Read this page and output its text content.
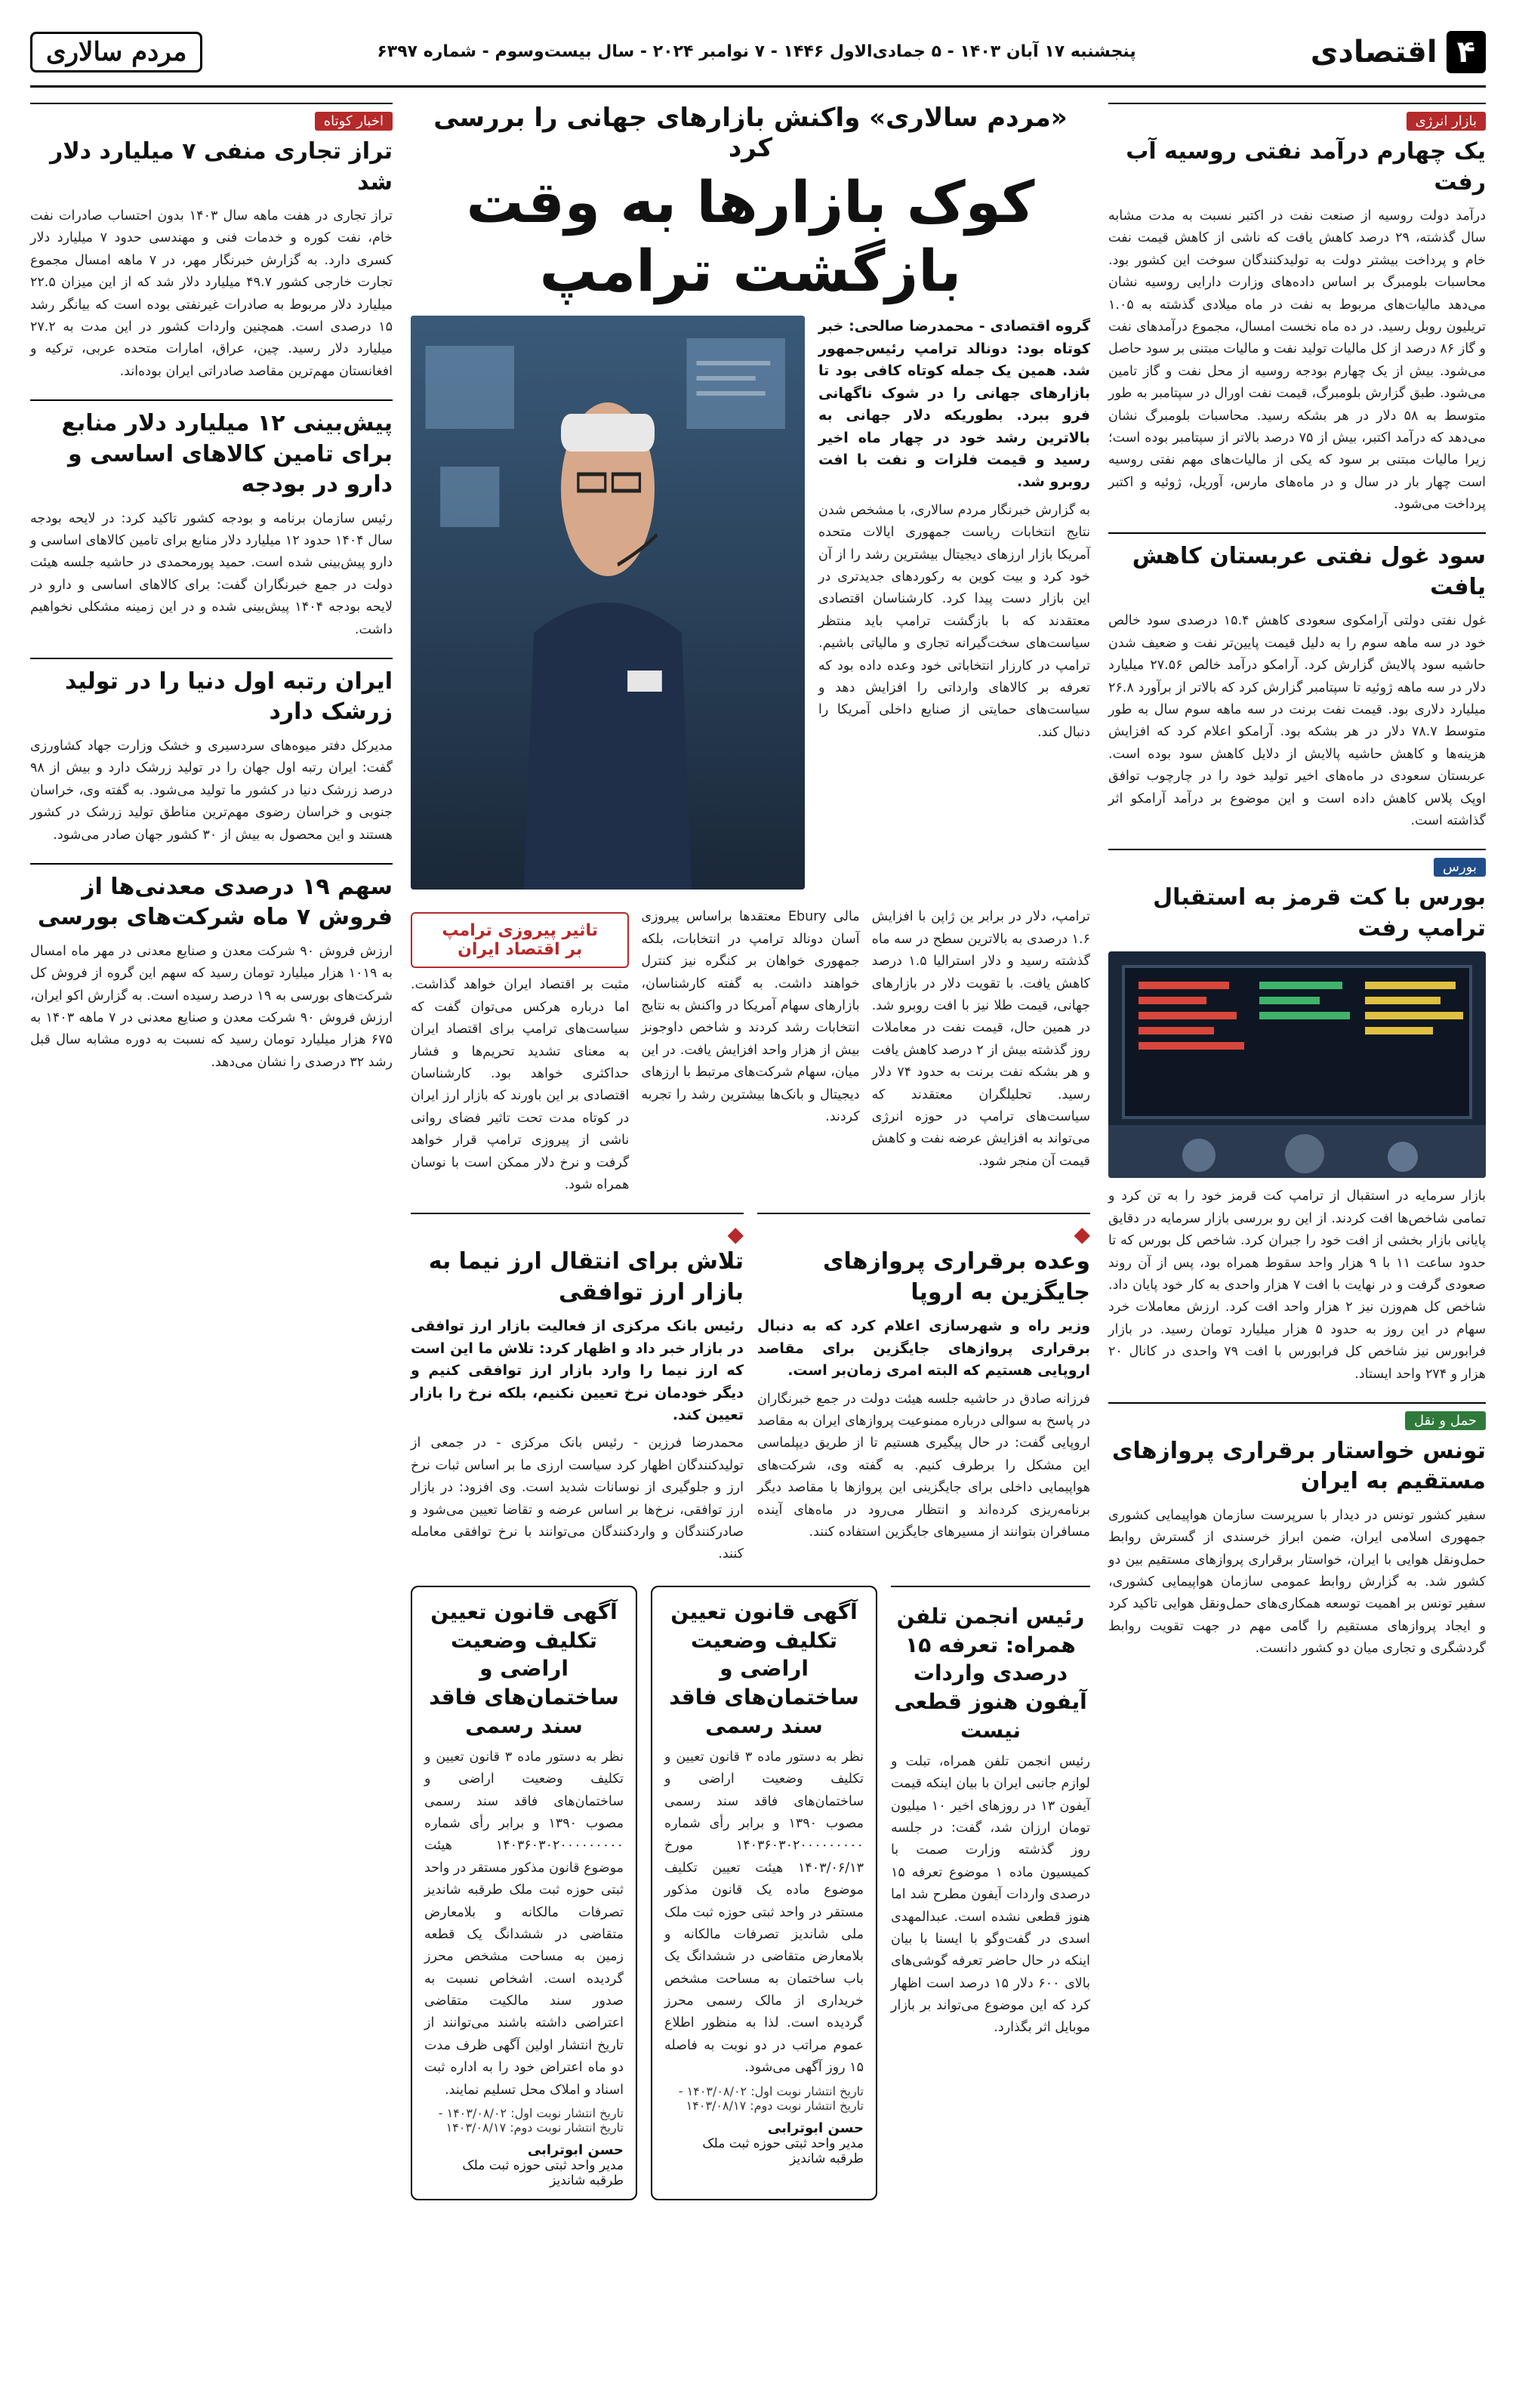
۴
اقتصادی
پنجشنبه ۱۷ آبان ۱۴۰۳ - ۵ جمادی‌الاول ۱۴۴۶ - ۷ نوامبر ۲۰۲۴ - سال بیست‌وسوم - شماره ۶۳۹۷
مردم سالاری
بازار انرژی
یک چهارم درآمد نفتی روسیه آب رفت

درآمد دولت روسیه از صنعت نفت در اکتبر نسبت به مدت مشابه سال گذشته، ۲۹ درصد کاهش یافت که ناشی از کاهش قیمت نفت خام و پرداخت بیشتر دولت به تولیدکنندگان سوخت این کشور بود. محاسبات بلومبرگ بر اساس داده‌های وزارت دارایی روسیه نشان می‌دهد مالیات‌های مربوط به نفت در ماه میلادی گذشته به ۱.۰۵ تریلیون روبل رسید. در ده ماه نخست امسال، مجموع درآمدهای نفت و گاز ۸۶ درصد از کل مالیات تولید نفت و مالیات مبتنی بر سود حاصل می‌شود. بیش از یک چهارم بودجه روسیه از محل نفت و گاز تامین می‌شود. طبق گزارش بلومبرگ، قیمت نفت اورال در سپتامبر به طور متوسط به ۵۸ دلار در هر بشکه رسید. محاسبات بلومبرگ نشان می‌دهد که درآمد اکتبر، بیش از ۷۵ درصد بالاتر از سپتامبر بوده است؛ زیرا مالیات مبتنی بر سود که یکی از مالیات‌های مهم نفتی روسیه است چهار بار در سال و در ماه‌های مارس، آوریل، ژوئیه و اکتبر پرداخت می‌شود.

سود غول نفتی عربستان کاهش یافت

غول نفتی دولتی آرامکوی سعودی کاهش ۱۵.۴ درصدی سود خالص خود در سه ماهه سوم را به دلیل قیمت پایین‌تر نفت و ضعیف شدن حاشیه سود پالایش گزارش کرد. آرامکو درآمد خالص ۲۷.۵۶ میلیارد دلار در سه ماهه ژوئیه تا سپتامبر گزارش کرد که بالاتر از برآورد ۲۶.۸ میلیارد دلاری بود. قیمت نفت برنت در سه ماهه سوم سال به طور متوسط ۷۸.۷ دلار در هر بشکه بود. آرامکو اعلام کرد که افزایش هزینه‌ها و کاهش حاشیه پالایش از دلایل کاهش سود بوده است. عربستان سعودی در ماه‌های اخیر تولید خود را در چارچوب توافق اوپک پلاس کاهش داده است و این موضوع بر درآمد آرامکو اثر گذاشته است.

بورس
بورس با کت قرمز به استقبال ترامپ رفت

بازار سرمایه در استقبال از ترامپ کت قرمز خود را به تن کرد و تمامی شاخص‌ها افت کردند. از این رو بررسی بازار سرمایه در دقایق پایانی بازار بخشی از افت خود را جبران کرد. شاخص کل بورس که تا حدود ساعت ۱۱ با ۹ هزار واحد سقوط همراه بود، پس از آن روند صعودی گرفت و در نهایت با افت ۷ هزار واحدی به کار خود پایان داد. شاخص کل هم‌وزن نیز ۲ هزار واحد افت کرد. ارزش معاملات خرد سهام در این روز به حدود ۵ هزار میلیارد تومان رسید. در بازار فرابورس نیز شاخص کل فرابورس با افت ۷۹ واحدی در کانال ۲۰ هزار و ۲۷۴ واحد ایستاد.

حمل و نقل
تونس خواستار برقراری پروازهای مستقیم به ایران

سفیر کشور تونس در دیدار با سرپرست سازمان هواپیمایی کشوری جمهوری اسلامی ایران، ضمن ابراز خرسندی از گسترش روابط حمل‌ونقل هوایی با ایران، خواستار برقراری پروازهای مستقیم بین دو کشور شد. به گزارش روابط عمومی سازمان هواپیمایی کشوری، سفیر تونس بر اهمیت توسعه همکاری‌های حمل‌ونقل هوایی تاکید کرد و ایجاد پروازهای مستقیم را گامی مهم در جهت تقویت روابط گردشگری و تجاری میان دو کشور دانست.

«مردم سالاری» واکنش بازارهای جهانی را بررسی کرد
کوک بازارها به وقت بازگشت ترامپ

گروه اقتصادی - محمدرضا صالحی: خبر کوتاه بود: دونالد ترامپ رئیس‌جمهور شد. همین یک جمله کوتاه کافی بود تا بازارهای جهانی را در شوک ناگهانی فرو ببرد. بطوریکه دلار جهانی به بالاترین رشد خود در چهار ماه اخیر رسید و قیمت فلزات و نفت با افت روبرو شد.

به گزارش خبرنگار مردم سالاری، با مشخص شدن نتایج انتخابات ریاست جمهوری ایالات متحده آمریکا بازار ارزهای دیجیتال بیشترین رشد را از آن خود کرد و بیت کوین به رکوردهای جدیدتری در این بازار دست پیدا کرد. کارشناسان اقتصادی معتقدند که با بازگشت ترامپ باید منتظر سیاست‌های سخت‌گیرانه تجاری و مالیاتی باشیم. ترامپ در کارزار انتخاباتی خود وعده داده بود که تعرفه بر کالاهای وارداتی را افزایش دهد و سیاست‌های حمایتی از صنایع داخلی آمریکا را دنبال کند.

ترامپ، دلار در برابر ین ژاپن با افزایش ۱.۶ درصدی به بالاترین سطح در سه ماه گذشته رسید و دلار استرالیا ۱.۵ درصد کاهش یافت. با تقویت دلار در بازارهای جهانی، قیمت طلا نیز با افت روبرو شد. در همین حال، قیمت نفت در معاملات روز گذشته بیش از ۲ درصد کاهش یافت و هر بشکه نفت برنت به حدود ۷۴ دلار رسید. تحلیلگران معتقدند که سیاست‌های ترامپ در حوزه انرژی می‌تواند به افزایش عرضه نفت و کاهش قیمت آن منجر شود.

مالی Ebury معتقد‌ها براساس پیروزی آسان دونالد ترامپ در انتخابات، بلکه جمهوری خواهان بر کنگره نیز کنترل خواهند داشت. به گفته کارشناسان، بازارهای سهام آمریکا در واکنش به نتایج انتخابات رشد کردند و شاخص داوجونز بیش از هزار واحد افزایش یافت. در این میان، سهام شرکت‌های مرتبط با ارزهای دیجیتال و بانک‌ها بیشترین رشد را تجربه کردند.

تاثیر پیروزی ترامپ
بر اقتصاد ایران

مثبت بر اقتصاد ایران خواهد گذاشت. اما درباره هرکس می‌توان گفت که سیاست‌های ترامپ برای اقتصاد ایران به معنای تشدید تحریم‌ها و فشار حداکثری خواهد بود. کارشناسان اقتصادی بر این باورند که بازار ارز ایران در کوتاه مدت تحت تاثیر فضای روانی ناشی از پیروزی ترامپ قرار خواهد گرفت و نرخ دلار ممکن است با نوسان همراه شود.

◆
وعده برقراری پروازهای جایگزین به اروپا

وزیر راه و شهرسازی اعلام کرد که به دنبال برقراری پروازهای جایگزین برای مقاصد اروپایی هستیم که البته امری زمان‌بر است.

فرزانه صادق در حاشیه جلسه هیئت دولت در جمع خبرنگاران در پاسخ به سوالی درباره ممنوعیت پروازهای ایران به مقاصد اروپایی گفت: در حال پیگیری هستیم تا از طریق دیپلماسی این مشکل را برطرف کنیم. به گفته وی، شرکت‌های هواپیمایی داخلی برای جایگزینی این پروازها با مقاصد دیگر برنامه‌ریزی کرده‌اند و انتظار می‌رود در ماه‌های آینده مسافران بتوانند از مسیرهای جایگزین استفاده کنند.

◆
تلاش برای انتقال ارز نیما به بازار ارز توافقی

رئیس بانک مرکزی از فعالیت بازار ارز توافقی در بازار خبر داد و اظهار کرد: تلاش ما این است که ارز نیما را وارد بازار ارز توافقی کنیم و دیگر خودمان نرخ تعیین نکنیم، بلکه نرخ را بازار تعیین کند.

محمدرضا فرزین - رئیس بانک مرکزی - در جمعی از تولیدکنندگان اظهار کرد سیاست ارزی ما بر اساس ثبات نرخ ارز و جلوگیری از نوسانات شدید است. وی افزود: در بازار ارز توافقی، نرخ‌ها بر اساس عرضه و تقاضا تعیین می‌شود و صادرکنندگان و واردکنندگان می‌توانند با نرخ توافقی معامله کنند.

رئیس انجمن تلفن همراه: تعرفه ۱۵ درصدی واردات آیفون هنوز قطعی نیست

رئیس انجمن تلفن همراه، تبلت و لوازم جانبی ایران با بیان اینکه قیمت آیفون ۱۳ در روزهای اخیر ۱۰ میلیون تومان ارزان شد، گفت: در جلسه روز گذشته وزارت صمت با کمیسیون ماده ۱ موضوع تعرفه ۱۵ درصدی واردات آیفون مطرح شد اما هنوز قطعی نشده است. عبدالمهدی اسدی در گفت‌وگو با ایسنا با بیان اینکه در حال حاضر تعرفه گوشی‌های بالای ۶۰۰ دلار ۱۵ درصد است اظهار کرد که این موضوع می‌تواند بر بازار موبایل اثر بگذارد.

آگهی قانون تعیین تکلیف وضعیت اراضی و ساختمان‌های فاقد سند رسمی

نظر به دستور ماده ۳ قانون تعیین و تکلیف وضعیت اراضی و ساختمان‌های فاقد سند رسمی مصوب ۱۳۹۰ و برابر رأی شماره ۱۴۰۳۶۰۳۰۲۰۰۰۰۰۰۰۰۰ مورخ ۱۴۰۳/۰۶/۱۳ هیئت تعیین تکلیف موضوع ماده یک قانون مذکور مستقر در واحد ثبتی حوزه ثبت ملک ملی شاندیز تصرفات مالکانه و بلامعارض متقاضی در ششدانگ یک باب ساختمان به مساحت مشخص خریداری از مالک رسمی محرز گردیده است. لذا به منظور اطلاع عموم مراتب در دو نوبت به فاصله ۱۵ روز آگهی می‌شود.

تاریخ انتشار نوبت اول: ۱۴۰۳/۰۸/۰۲ - تاریخ انتشار نوبت دوم: ۱۴۰۳/۰۸/۱۷
حسن ابوترابی
مدیر واحد ثبتی حوزه ثبت ملک طرقبه شاندیز
آگهی قانون تعیین تکلیف وضعیت اراضی و ساختمان‌های فاقد سند رسمی

نظر به دستور ماده ۳ قانون تعیین و تکلیف وضعیت اراضی و ساختمان‌های فاقد سند رسمی مصوب ۱۳۹۰ و برابر رأی شماره ۱۴۰۳۶۰۳۰۲۰۰۰۰۰۰۰۰۰ هیئت موضوع قانون مذکور مستقر در واحد ثبتی حوزه ثبت ملک طرقبه شاندیز تصرفات مالکانه و بلامعارض متقاضی در ششدانگ یک قطعه زمین به مساحت مشخص محرز گردیده است. اشخاص نسبت به صدور سند مالکیت متقاضی اعتراضی داشته باشند می‌توانند از تاریخ انتشار اولین آگهی ظرف مدت دو ماه اعتراض خود را به اداره ثبت اسناد و املاک محل تسلیم نمایند.

تاریخ انتشار نوبت اول: ۱۴۰۳/۰۸/۰۲ - تاریخ انتشار نوبت دوم: ۱۴۰۳/۰۸/۱۷
حسن ابوترابی
مدیر واحد ثبتی حوزه ثبت ملک طرقبه شاندیز
اخبار کوتاه
تراز تجاری منفی ۷ میلیارد دلار شد

تراز تجاری در هفت ماهه سال ۱۴۰۳ بدون احتساب صادرات نفت خام، نفت کوره و خدمات فنی و مهندسی حدود ۷ میلیارد دلار کسری دارد. به گزارش خبرنگار مهر، در ۷ ماهه امسال مجموع تجارت خارجی کشور ۴۹.۷ میلیارد دلار شد که از این میزان ۲۲.۵ میلیارد دلار مربوط به صادرات غیرنفتی بوده است که بیانگر رشد ۱۵ درصدی است. همچنین واردات کشور در این مدت به ۲۷.۲ میلیارد دلار رسید. چین، عراق، امارات متحده عربی، ترکیه و افغانستان مهم‌ترین مقاصد صادراتی ایران بوده‌اند.

پیش‌بینی ۱۲ میلیارد دلار منابع برای تامین کالاهای اساسی و دارو در بودجه

رئیس سازمان برنامه و بودجه کشور تاکید کرد: در لایحه بودجه سال ۱۴۰۴ حدود ۱۲ میلیارد دلار منابع برای تامین کالاهای اساسی و دارو پیش‌بینی شده است. حمید پورمحمدی در حاشیه جلسه هیئت دولت در جمع خبرنگاران گفت: برای کالاهای اساسی و دارو در لایحه بودجه ۱۴۰۴ پیش‌بینی شده و در این زمینه مشکلی نخواهیم داشت.

ایران رتبه اول دنیا را در تولید زرشک دارد

مدیرکل دفتر میوه‌های سردسیری و خشک وزارت جهاد کشاورزی گفت: ایران رتبه اول جهان را در تولید زرشک دارد و بیش از ۹۸ درصد زرشک دنیا در کشور ما تولید می‌شود. به گفته وی، خراسان جنوبی و خراسان رضوی مهم‌ترین مناطق تولید زرشک در کشور هستند و این محصول به بیش از ۳۰ کشور جهان صادر می‌شود.

سهم ۱۹ درصدی معدنی‌ها از فروش ۷ ماه شرکت‌های بورسی

ارزش فروش ۹۰ شرکت معدن و صنایع معدنی در مهر ماه امسال به ۱۰۱۹ هزار میلیارد تومان رسید که سهم این گروه از فروش کل شرکت‌های بورسی به ۱۹ درصد رسیده است. به گزارش اکو ایران، ارزش فروش ۹۰ شرکت معدن و صنایع معدنی در ۷ ماهه ۱۴۰۳ به ۶۷۵ هزار میلیارد تومان رسید که نسبت به دوره مشابه سال قبل رشد ۳۲ درصدی را نشان می‌دهد.
